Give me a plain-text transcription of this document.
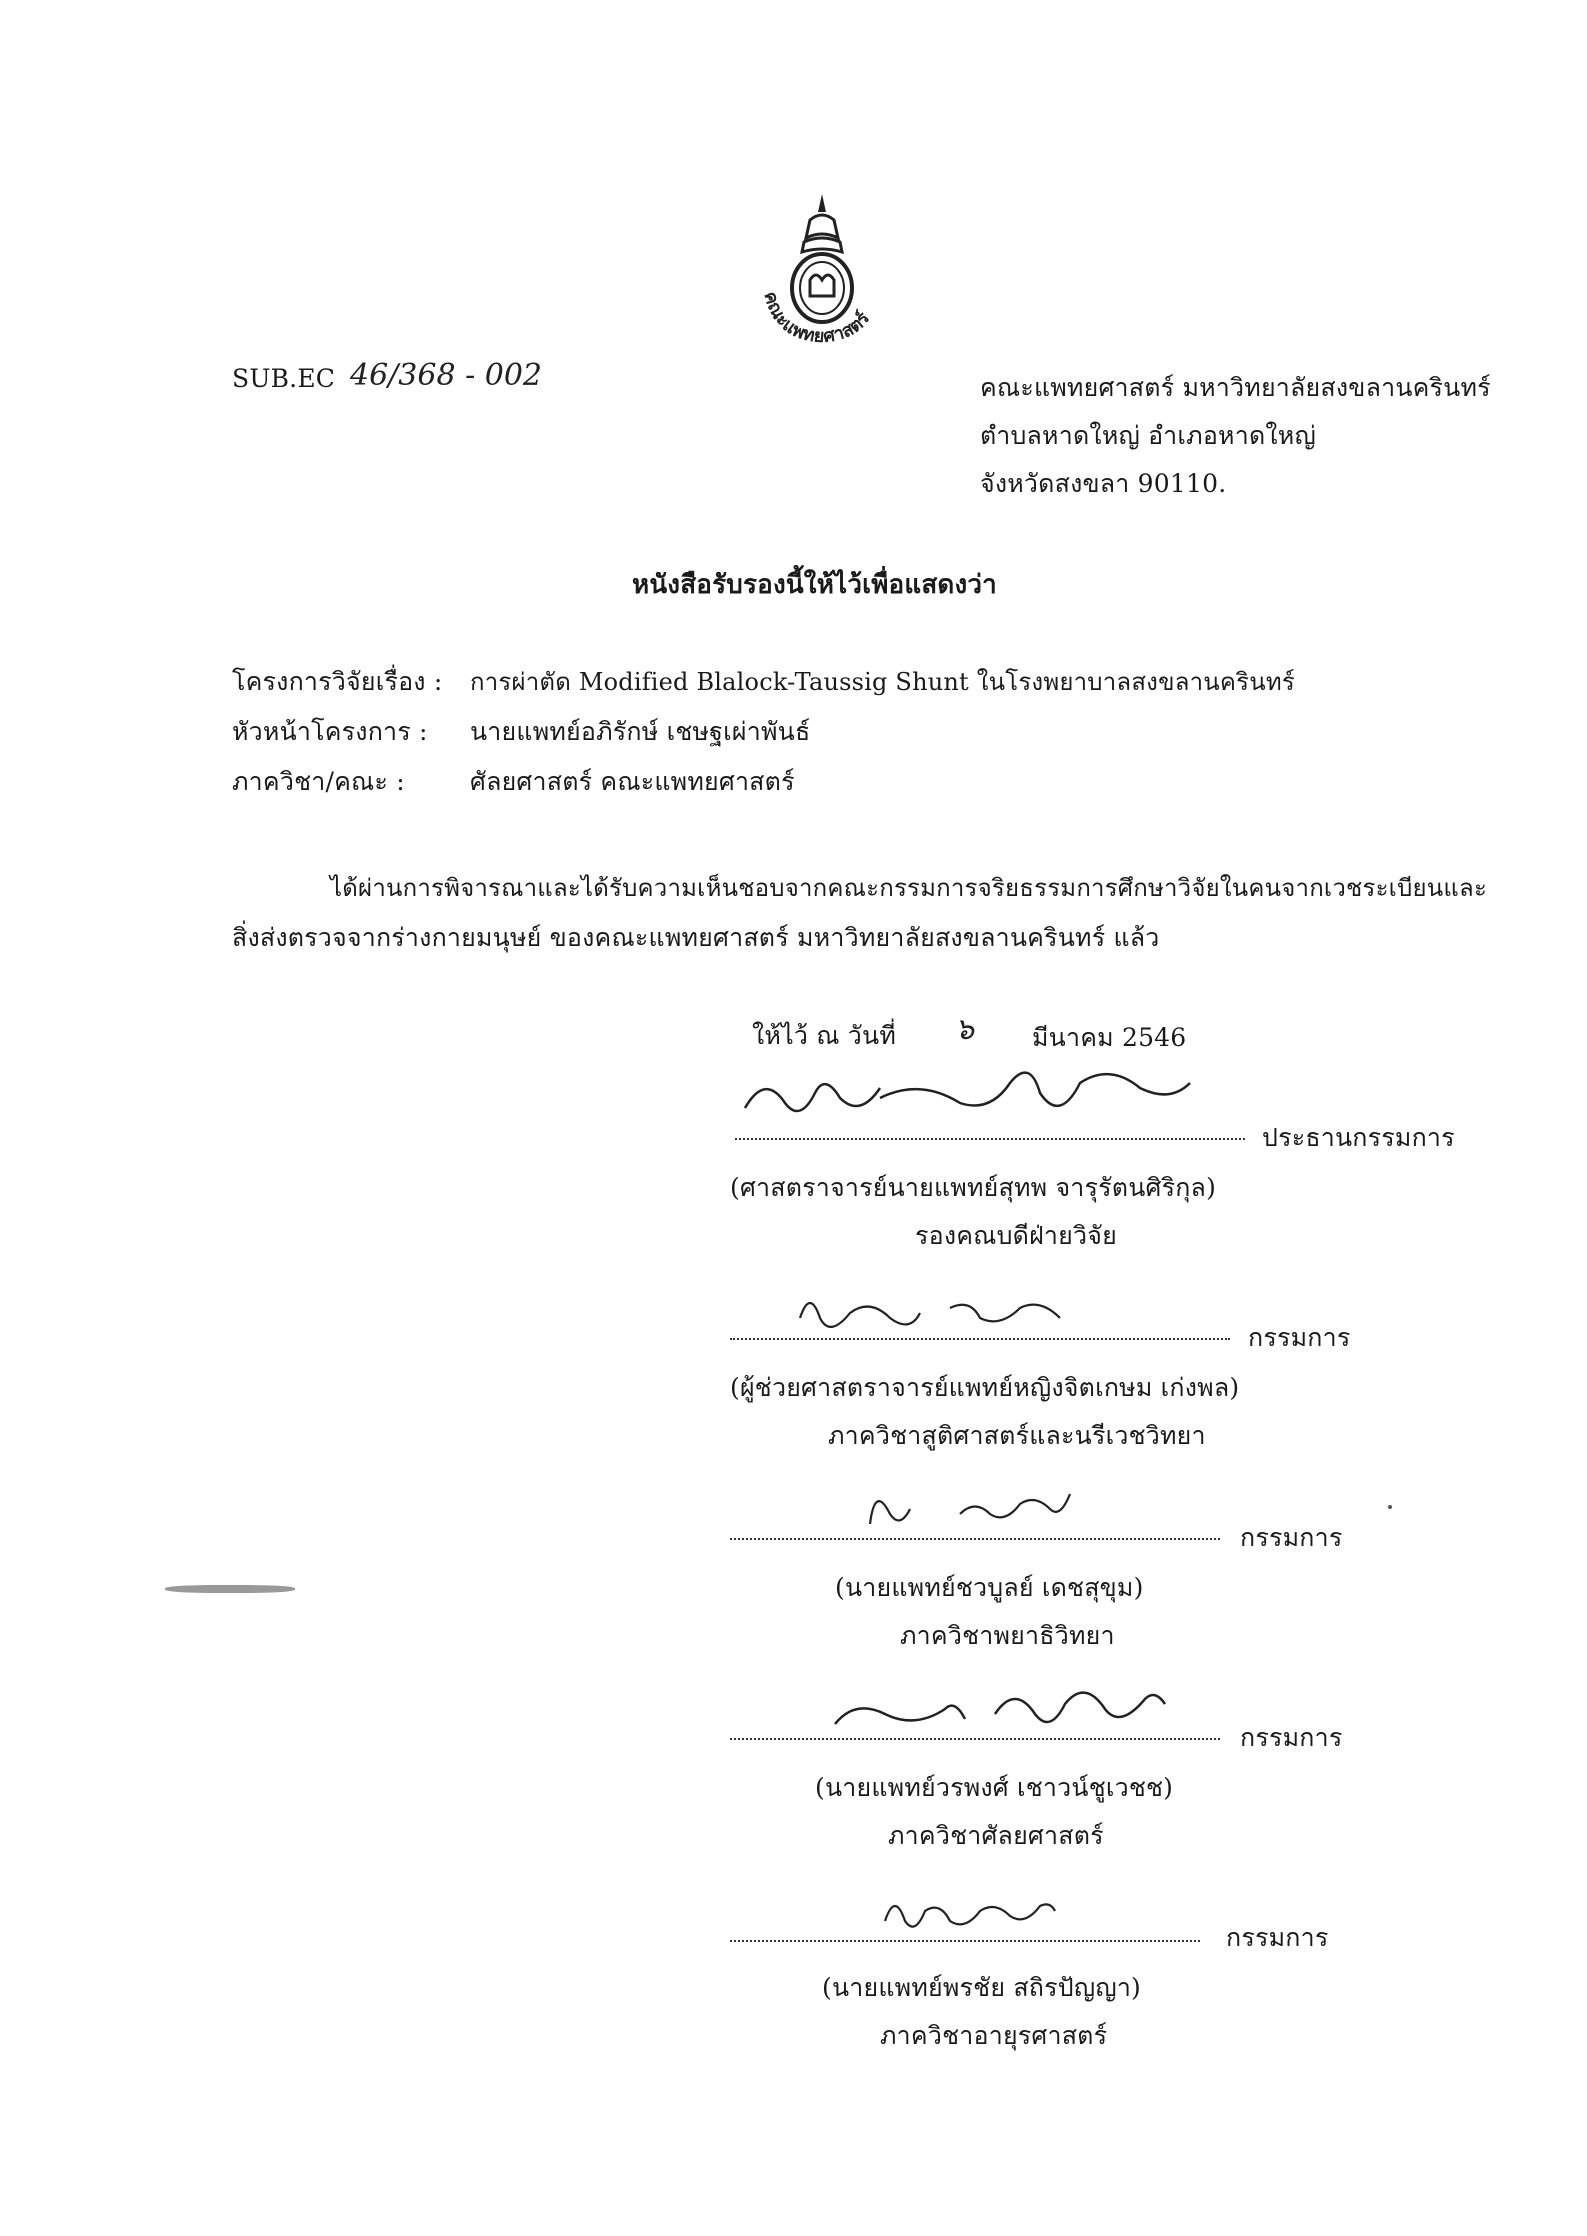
คณะแพทยศาสตร์
SUB.EC 46/368 - 002	คณะแพทยศาสตร์ มหาวิทยาลัยสงขลานครินทร์
ตำบลหาดใหญ่ อำเภอหาดใหญ่
จังหวัดสงขลา 90110.
หนังสือรับรองนี้ให้ไว้เพื่อแสดงว่า
โครงการวิจัยเรื่อง : การผ่าตัด Modified Blalock-Taussig Shunt ในโรงพยาบาลสงขลานครินทร์
หัวหน้าโครงการ : นายแพทย์อภิรักษ์ เชษฐเผ่าพันธ์
ภาควิชา/คณะ :	ศัลยศาสตร์ คณะแพทยศาสตร์
ได้ผ่านการพิจารณาและได้รับความเห็นชอบจากคณะกรรมการจริยธรรมการศึกษาวิจัยในคนจากเวชระเบียนและ
สิ่งส่งตรวจจากร่างกายมนุษย์ ของคณะแพทยศาสตร์ มหาวิทยาลัยสงขลานครินทร์ แล้ว
ให้ไว้ ณ วันที่ ๖ มีนาคม 2546
ประธานกรรมการ
(ศาสตราจารย์นายแพทย์สุทพ จารุรัตนศิริกุล)
รองคณบดีฝ่ายวิจัย
กรรมการ
(ผู้ช่วยศาสตราจารย์แพทย์หญิงจิตเกษม เก่งพล)
ภาควิชาสูติศาสตร์และนรีเวชวิทยา
กรรมการ
(นายแพทย์ชวบูลย์ เดชสุขุม)
ภาควิชาพยาธิวิทยา
กรรมการ
(นายแพทย์วรพงศ์ เชาวน์ชูเวชช)
ภาควิชาศัลยศาสตร์
กรรมการ
(นายแพทย์พรชัย สถิรปัญญา)
ภาควิชาอายุรศาสตร์
